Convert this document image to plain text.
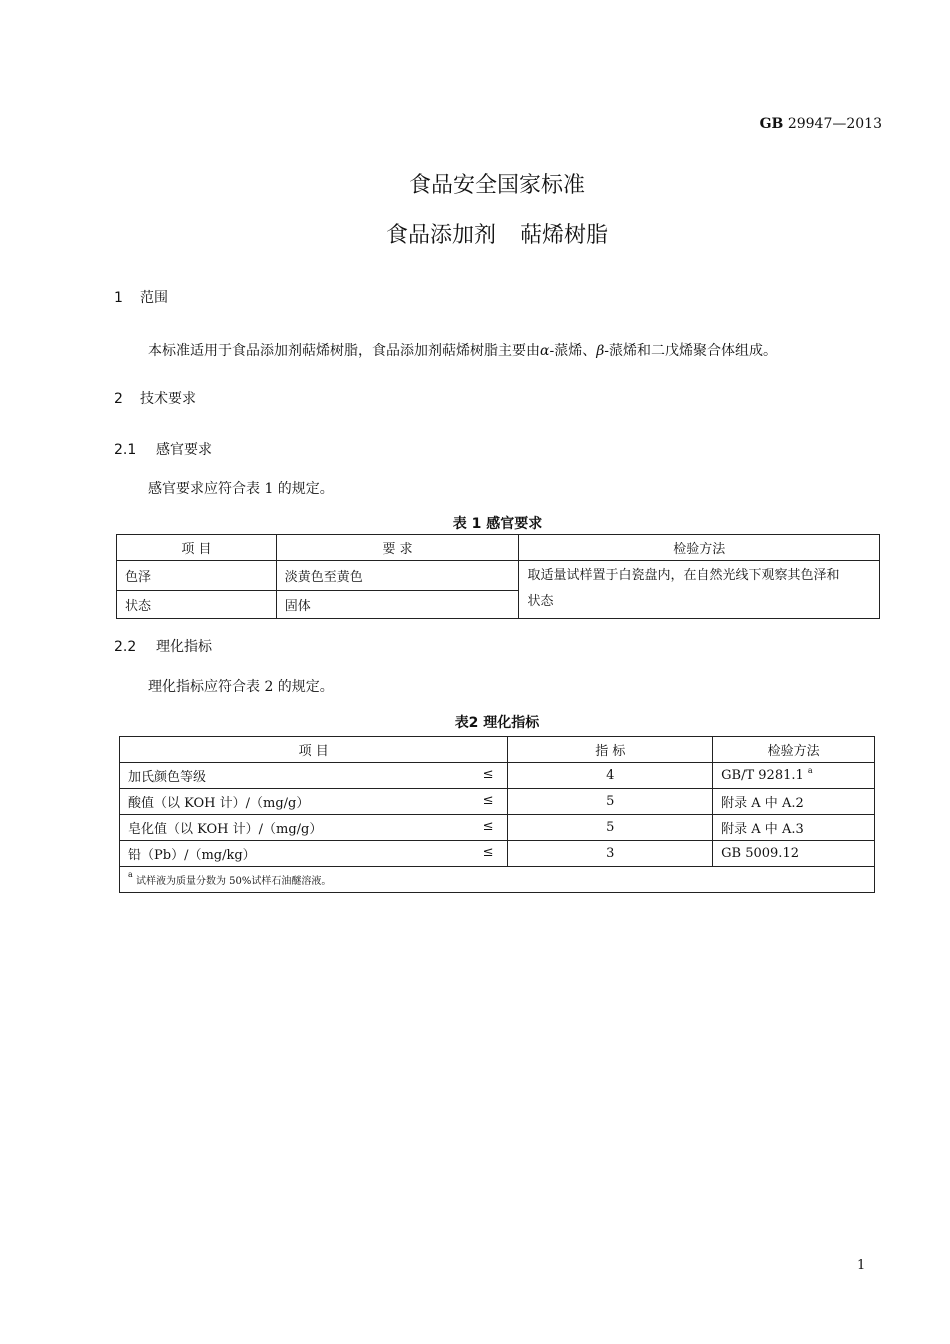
GB 29947—2013
食品安全国家标准
食品添加剂 萜烯树脂
1 范围
本标准适用于食品添加剂萜烯树脂，食品添加剂萜烯树脂主要由α-蒎烯、β-蒎烯和二戊烯聚合体组成。
2 技术要求
2.1 感官要求
感官要求应符合表 1 的规定。
表 1 感官要求
项 目	要 求	检验方法
色泽	淡黄色至黄色	取适量试样置于白瓷盘内，在自然光线下观察其色泽和
状态

状态	固体	
2.2 理化指标
理化指标应符合表 2 的规定。
表2 理化指标
项 目	指 标	检验方法
加氏颜色等级 ≤	4	GB/T 9281.1 $^a$
酸值（以 KOH 计）/（mg/g） ≤	5	附录 A 中 A.2
皂化值（以 KOH 计）/（mg/g） ≤	5	附录 A 中 A.3
铅（Pb）/（mg/kg） ≤	3	GB 5009.12
$^a$ 试样液为质量分数为 50%试样石油醚溶液。		
1
